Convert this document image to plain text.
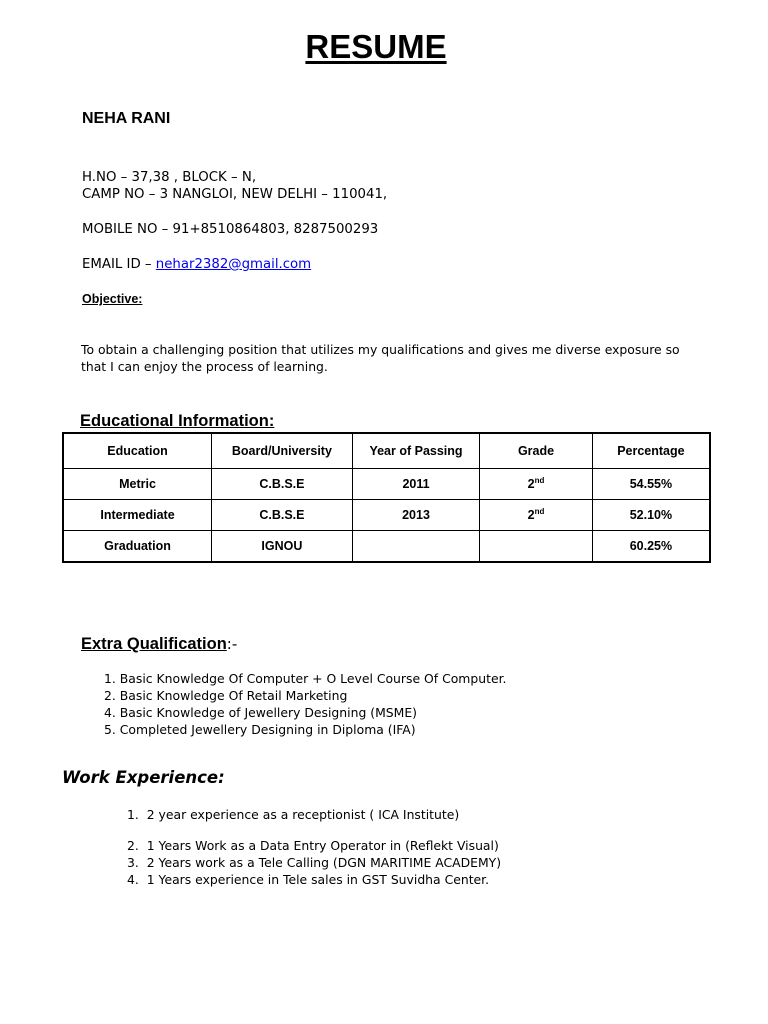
RESUME
NEHA RANI
H.NO – 37,38 , BLOCK – N,
CAMP NO – 3 NANGLOI, NEW DELHI – 110041,
MOBILE NO – 91+8510864803, 8287500293
EMAIL ID – nehar2382@gmail.com
Objective:
To obtain a challenging position that utilizes my qualifications and gives me diverse exposure so that I can enjoy the process of learning.
Educational Information:
Education	Board/University	Year of Passing	Grade	Percentage
Metric	C.B.S.E	2011	2nd	54.55%
Intermediate	C.B.S.E	2013	2nd	52.10%
Graduation	IGNOU			60.25%
Extra Qualification:-
1. Basic Knowledge Of Computer + O Level Course Of Computer.
2. Basic Knowledge Of Retail Marketing
4. Basic Knowledge of Jewellery Designing (MSME)
5. Completed Jewellery Designing in Diploma (IFA)
Work Experience:
1. 2 year experience as a receptionist ( ICA Institute)
2. 1 Years Work as a Data Entry Operator in (Reflekt Visual)
3. 2 Years work as a Tele Calling (DGN MARITIME ACADEMY)
4. 1 Years experience in Tele sales in GST Suvidha Center.
